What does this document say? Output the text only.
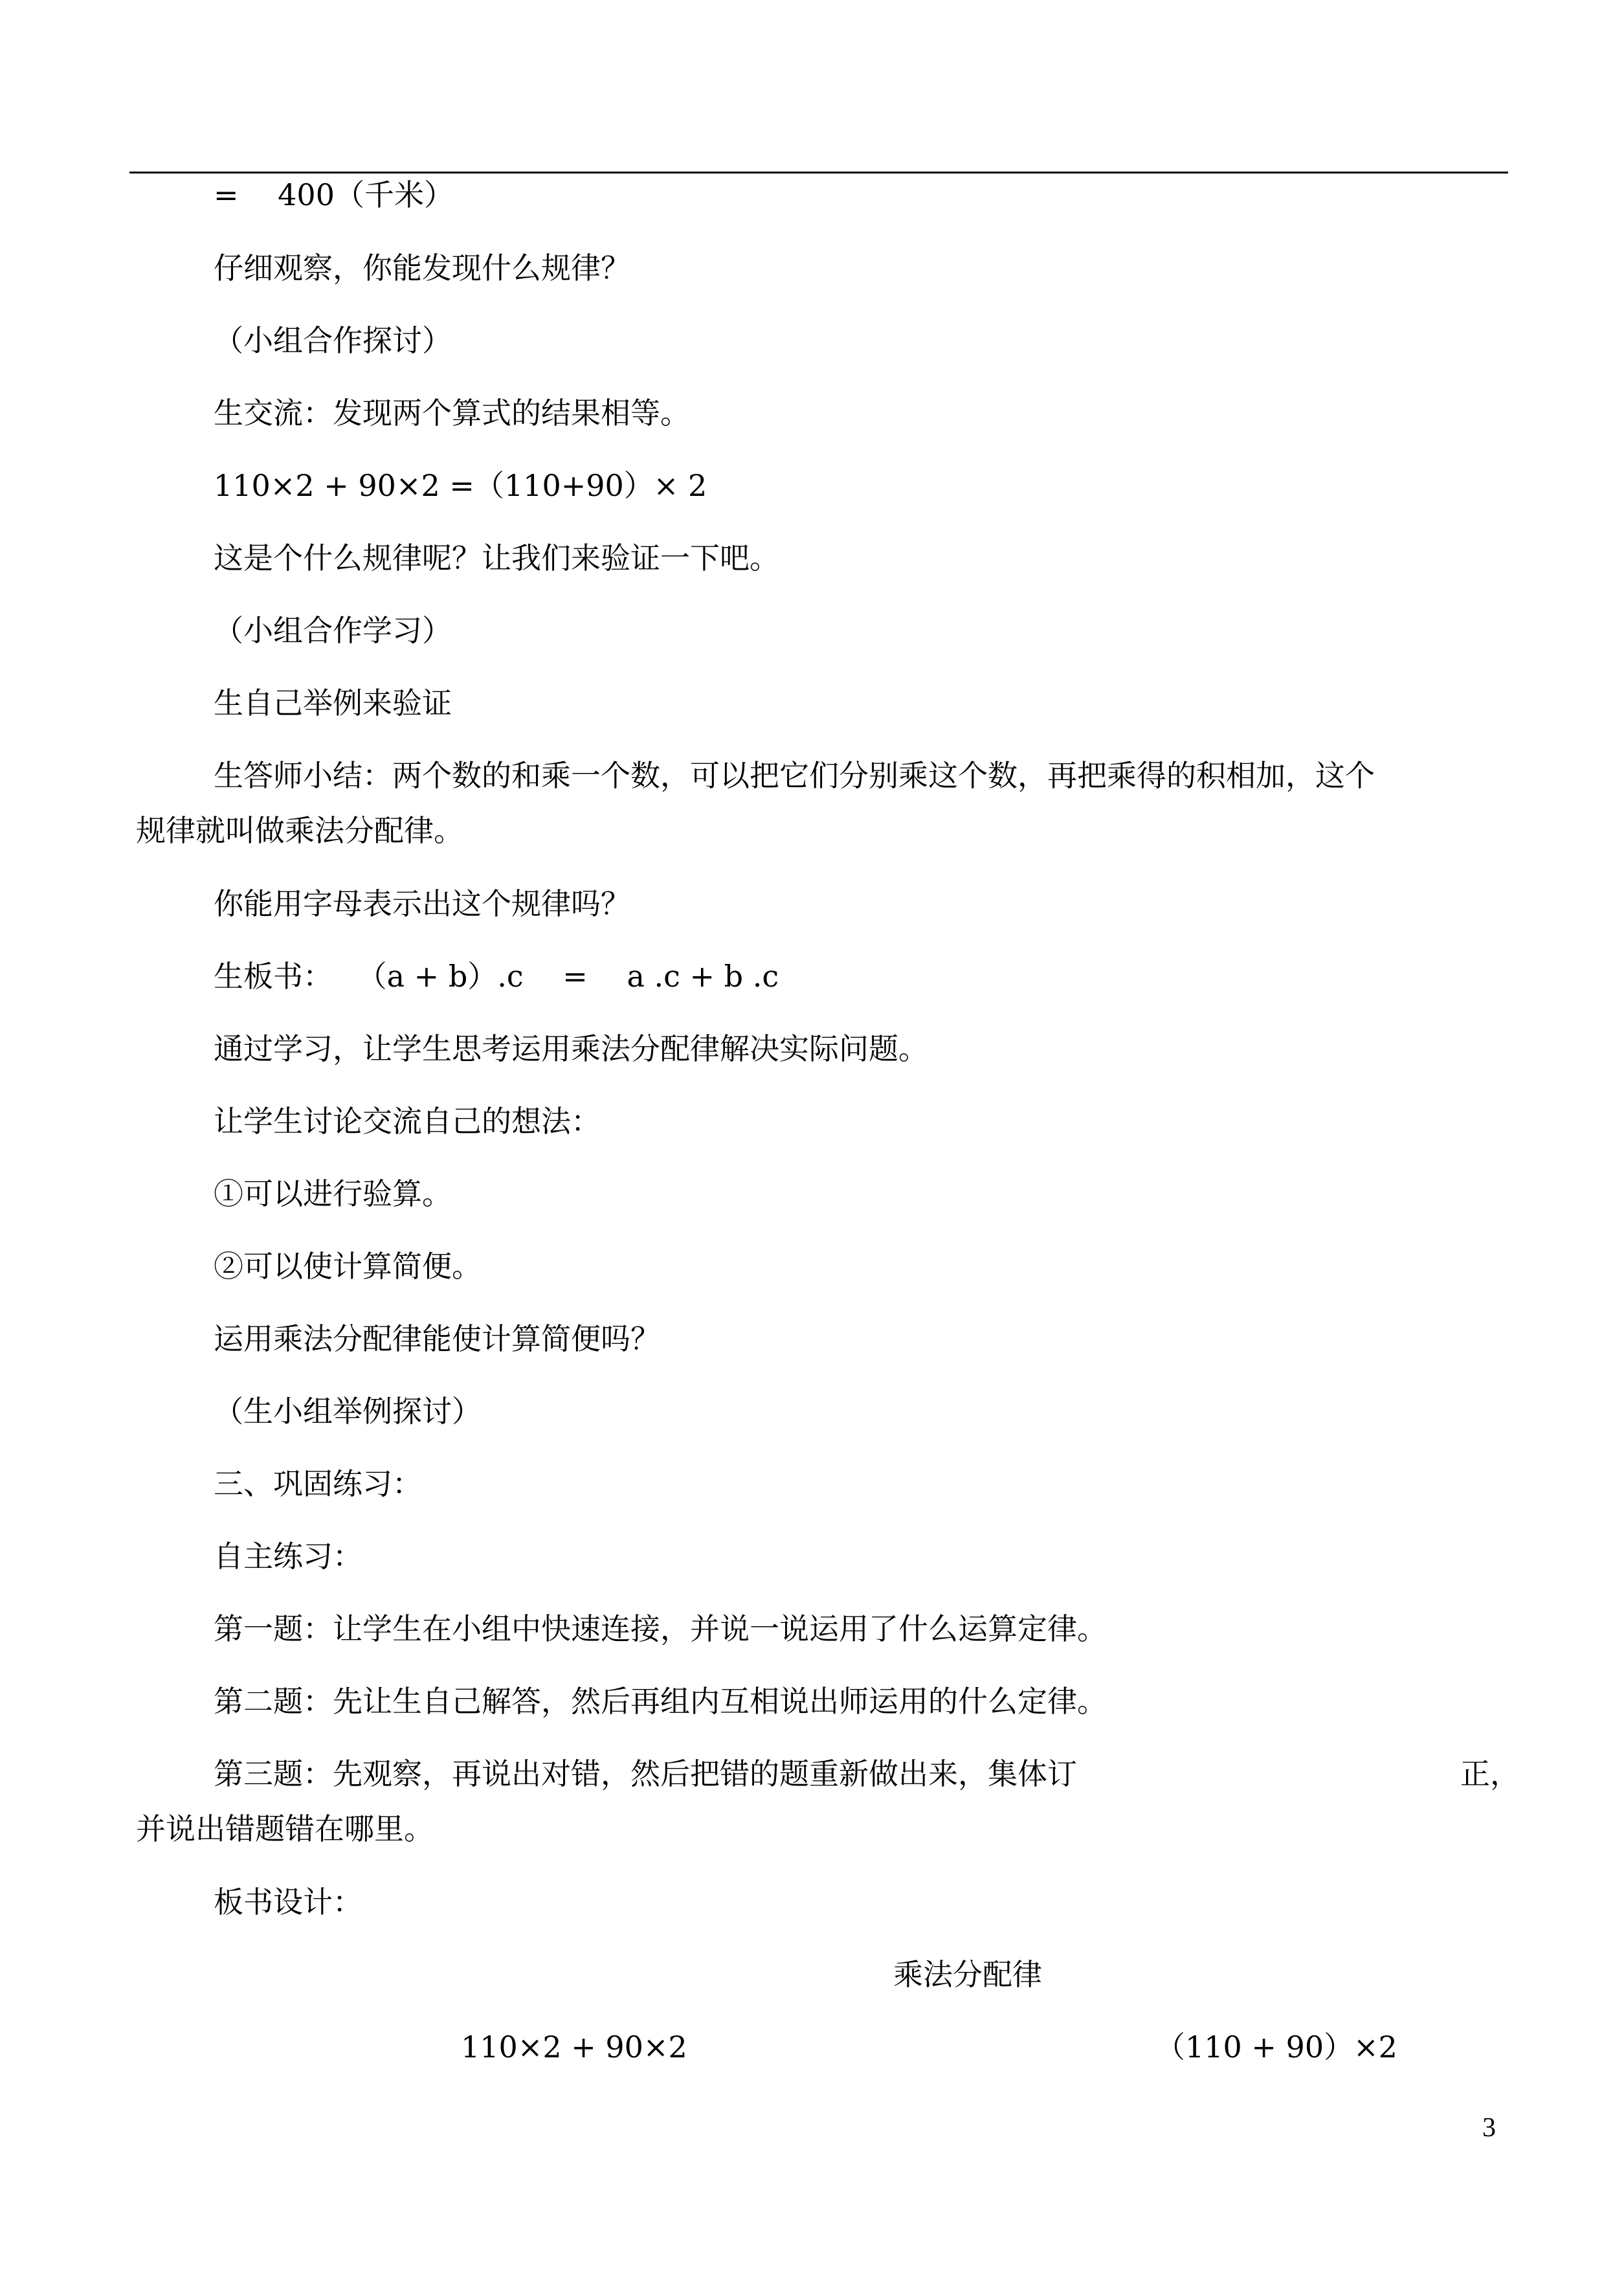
=　 400（千米）

仔细观察，你能发现什么规律？

（小组合作探讨）

生交流：发现两个算式的结果相等。

110×2 + 90×2 =（110+90）× 2

这是个什么规律呢？让我们来验证一下吧。

（小组合作学习）

生自己举例来验证

生答师小结：两个数的和乘一个数，可以把它们分别乘这个数，再把乘得的积相加，这个

规律就叫做乘法分配律。

你能用字母表示出这个规律吗？

生板书：　 （a + b）.c　 =　 a .c + b .c

通过学习，让学生思考运用乘法分配律解决实际问题。

让学生讨论交流自己的想法：

①可以进行验算。

②可以使计算简便。

运用乘法分配律能使计算简便吗？

（生小组举例探讨）

三、巩固练习：

自主练习：

第一题：让学生在小组中快速连接，并说一说运用了什么运算定律。

第二题：先让生自己解答，然后再组内互相说出师运用的什么定律。

第三题：先观察，再说出对错，然后把错的题重新做出来，集体订	正，

并说出错题错在哪里。

板书设计：

乘法分配律

110×2 + 90×2	（110 + 90）×2

3
